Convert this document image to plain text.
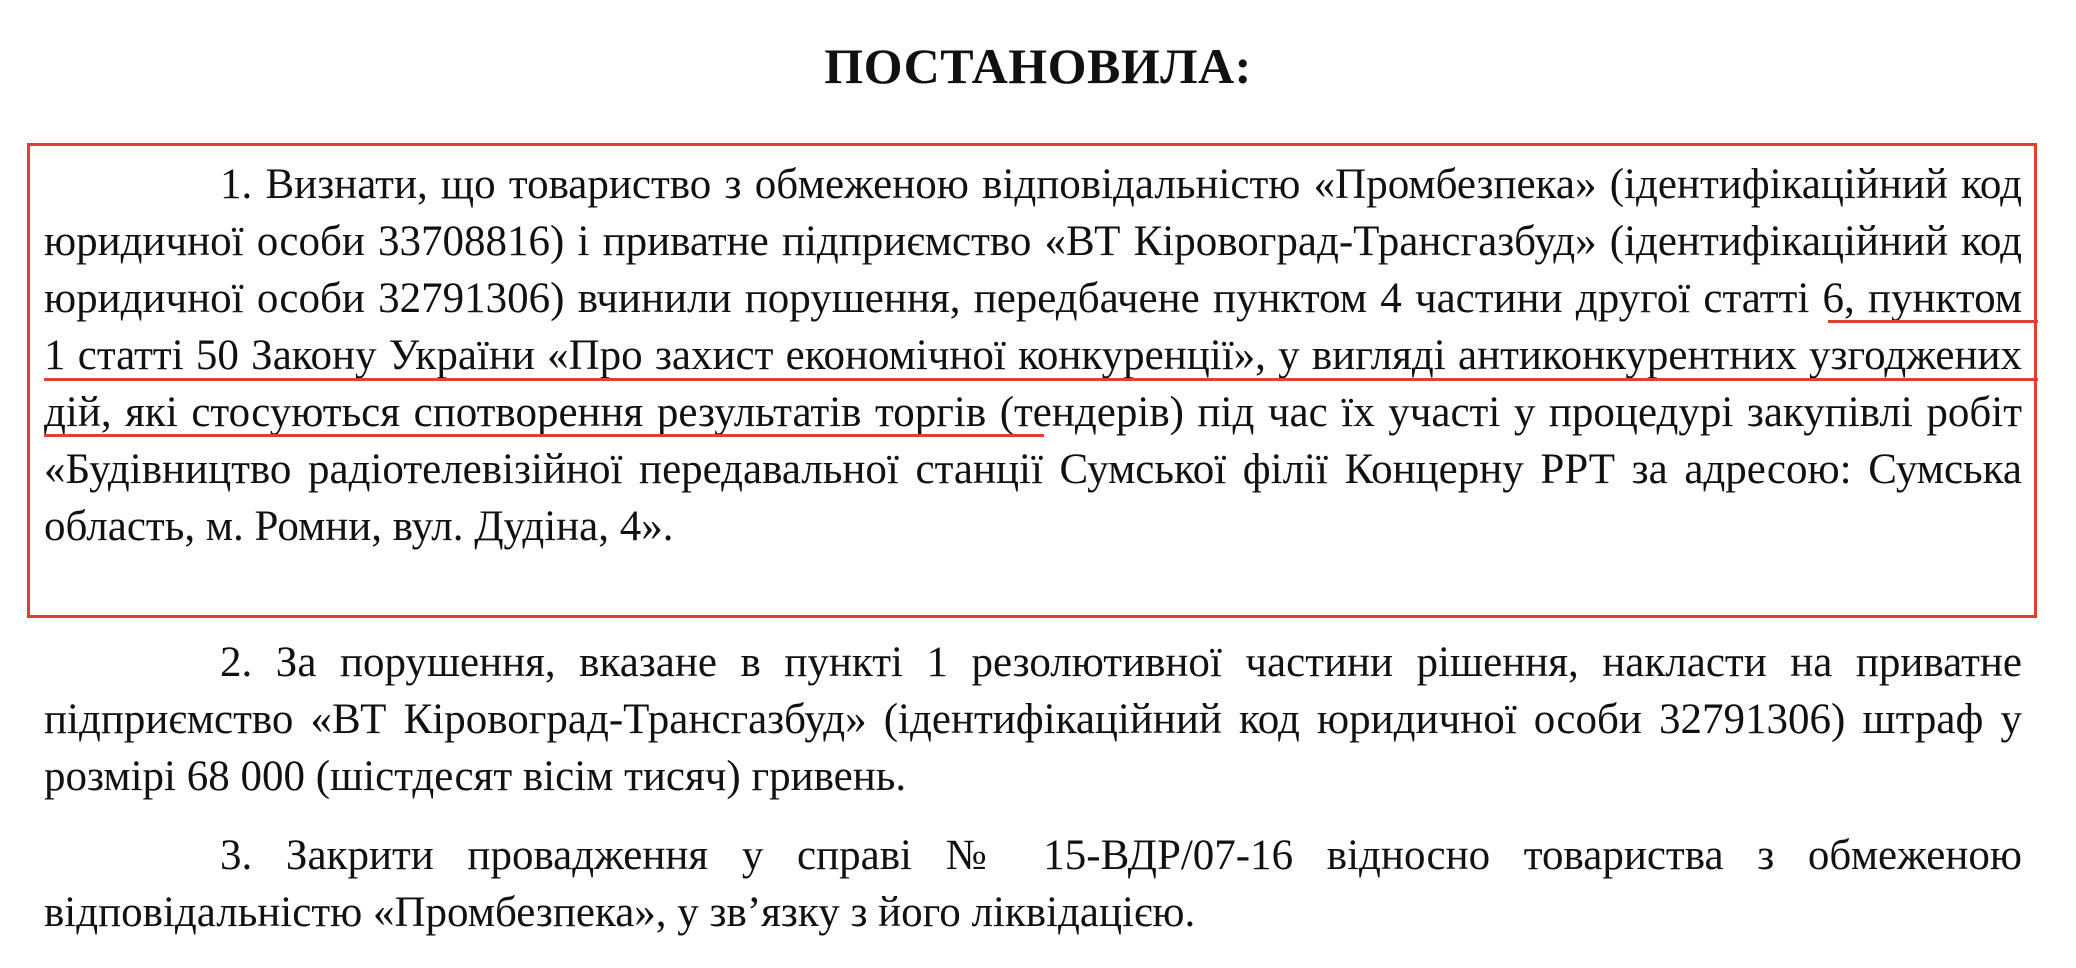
ПОСТАНОВИЛА:

1. Визнати, що товариство з обмеженою відповідальністю «Промбезпека» (ідентифікаційний код юридичної особи 33708816) і приватне підприємство «ВТ Кіровоград-Трансгазбуд» (ідентифікаційний код юридичної особи 32791306) вчинили порушення, передбачене пунктом 4 частини другої статті 6, пунктом 1 статті 50 Закону України «Про захист економічної конкуренції», у вигляді антиконкурентних узгоджених дій, які стосуються спотворення результатів торгів (тендерів) під час їх участі у процедурі закупівлі робіт «Будівництво радіотелевізійної передавальної станції Сумської філії Концерну РРТ за адресою: Сумська область, м. Ромни, вул. Дудіна, 4».

2. За порушення, вказане в пункті 1 резолютивної частини рішення, накласти на приватне підприємство «ВТ Кіровоград-Трансгазбуд» (ідентифікаційний код юридичної особи 32791306) штраф у розмірі 68 000 (шістдесят вісім тисяч) гривень.

3. Закрити провадження у справі № 15-ВДР/07-16 відносно товариства з обмеженою відповідальністю «Промбезпека», у зв’язку з його ліквідацією.
